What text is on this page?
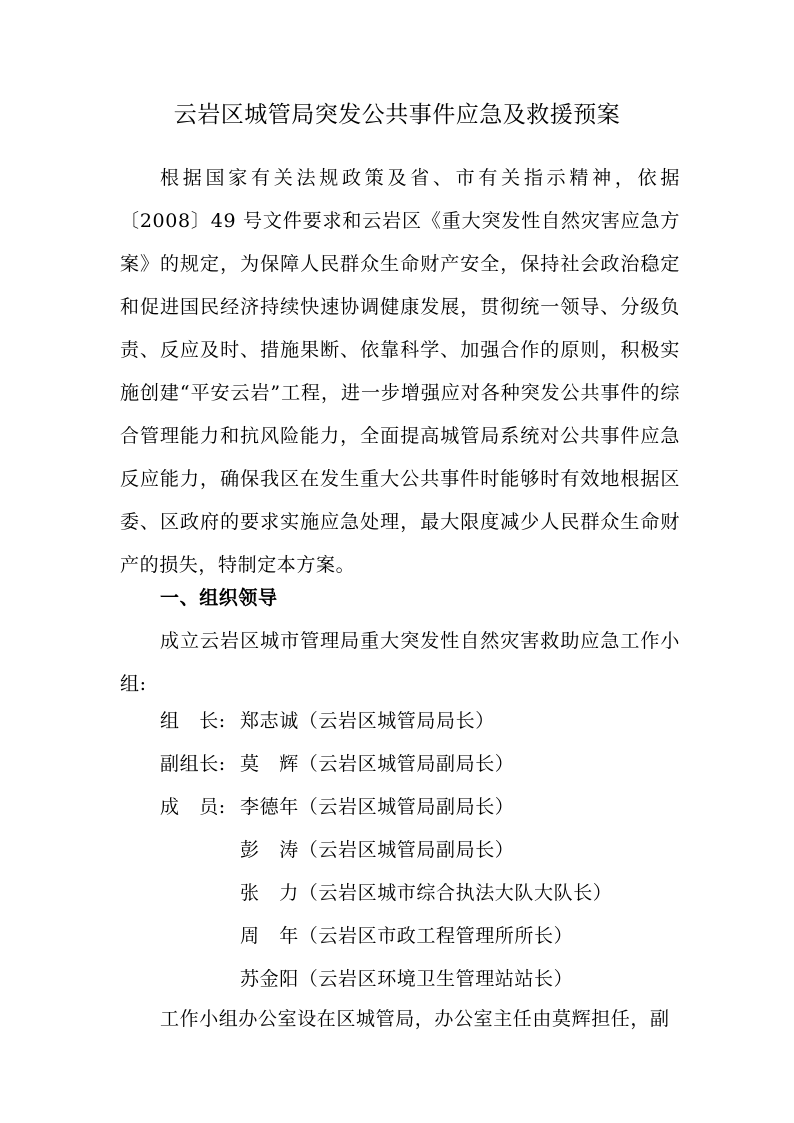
云岩区城管局突发公共事件应急及救援预案

根据国家有关法规政策及省、市有关指示精神，依据〔2008〕49 号文件要求和云岩区《重大突发性自然灾害应急方案》的规定，为保障人民群众生命财产安全，保持社会政治稳定和促进国民经济持续快速协调健康发展，贯彻统一领导、分级负责、反应及时、措施果断、依靠科学、加强合作的原则，积极实施创建“平安云岩”工程，进一步增强应对各种突发公共事件的综合管理能力和抗风险能力，全面提高城管局系统对公共事件应急反应能力，确保我区在发生重大公共事件时能够时有效地根据区委、区政府的要求实施应急处理，最大限度减少人民群众生命财产的损失，特制定本方案。

一、组织领导

成立云岩区城市管理局重大突发性自然灾害救助应急工作小组:

组　长: 郑志诚（云岩区城管局局长）
副组长: 莫　辉（云岩区城管局副局长）
成　员: 李德年（云岩区城管局副局长）
彭　涛（云岩区城管局副局长）
张　力（云岩区城市综合执法大队大队长）
周　年（云岩区市政工程管理所所长）
苏金阳（云岩区环境卫生管理站站长）

工作小组办公室设在区城管局，办公室主任由莫辉担任，副
